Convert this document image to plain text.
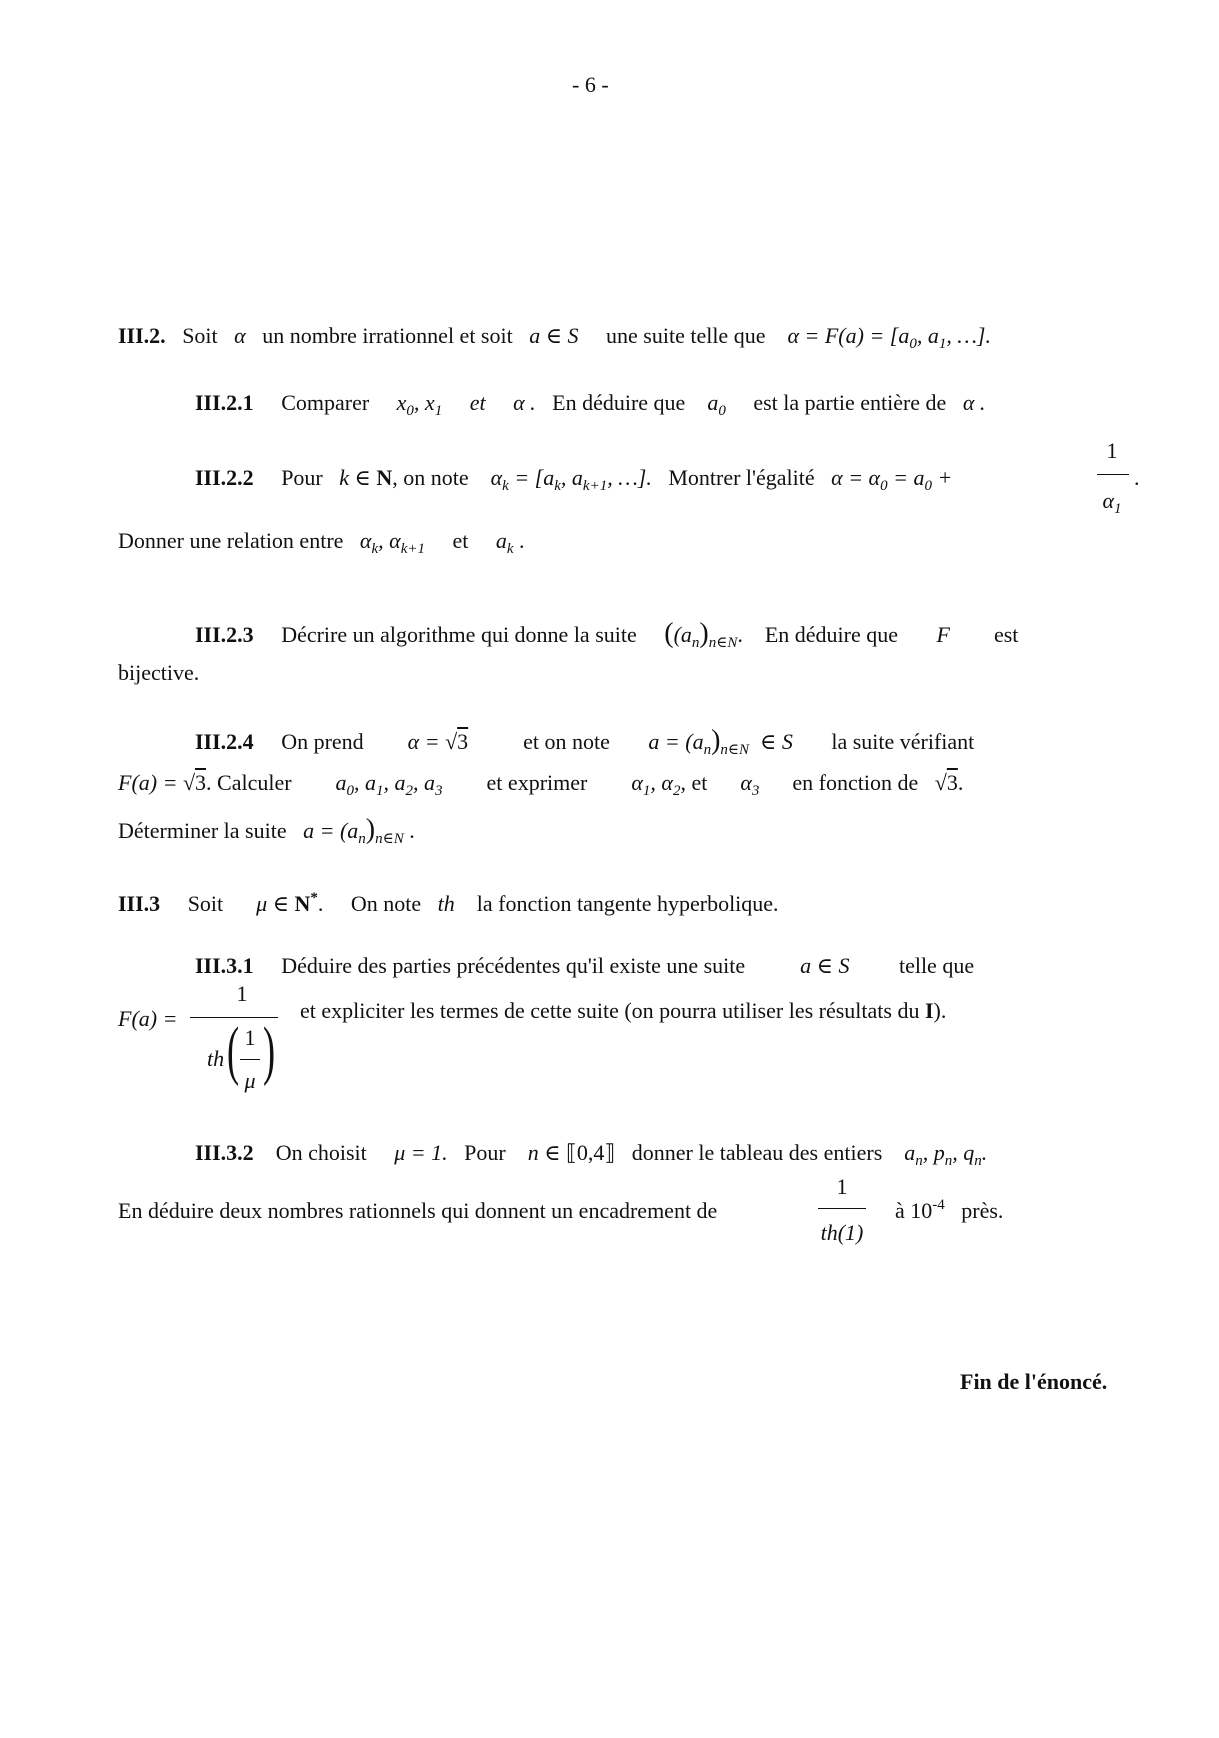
- 6 -
III.2. Soit α un nombre irrationnel et soit a ∈ S une suite telle que $\alpha = F(a) = [a_0$, $a_1$, …].
III.2.1 Comparer $x_0$, $x_1$ et α . En déduire que $a_0$ est la partie entière de α .
III.2.2 Pour k ∈ N, on note $\alpha_k = [a_k$, $a_{k+1}$, …]. Montrer l'égalité $\alpha = \alpha_0 = a_0$ +
1
$\alpha_1$
.
Donner une relation entre $\alpha_k$, $\alpha_{k+1}$ et $a_k$ .
III.2.3 Décrire un algorithme qui donne la suite ($(a_n)_{n\in N}$. En déduire que F est
bijective.
III.2.4 On prend α = √3	et on note $a = (a_n)_{n\in N}$ ∈ S la suite vérifiant
F(a) = √3. Calculer $a_0$, $a_1$, $a_2$, $a_3$ et exprimer $\alpha_1$, $\alpha_2$, et $\alpha_3$ en fonction de √3.
Déterminer la suite $a = (a_n)_{n\in N}$ .
III.3 Soit μ ∈ N*. On note th la fonction tangente hyperbolique.
III.3.1 Déduire des parties précédentes qu'il existe une suite	a ∈ S telle que
F(a) =
1
th ( 1
μ )
et expliciter les termes de cette suite (on pourra utiliser les résultats du I).
III.3.2 On choisit μ = 1. Pour n ∈ ⟦0,4⟧ donner le tableau des entiers $a_n$, $p_n$, $q_n$.
En déduire deux nombres rationnels qui donnent un encadrement de
1
th(1)
à $10^{-4}$ près.
Fin de l'énoncé.
